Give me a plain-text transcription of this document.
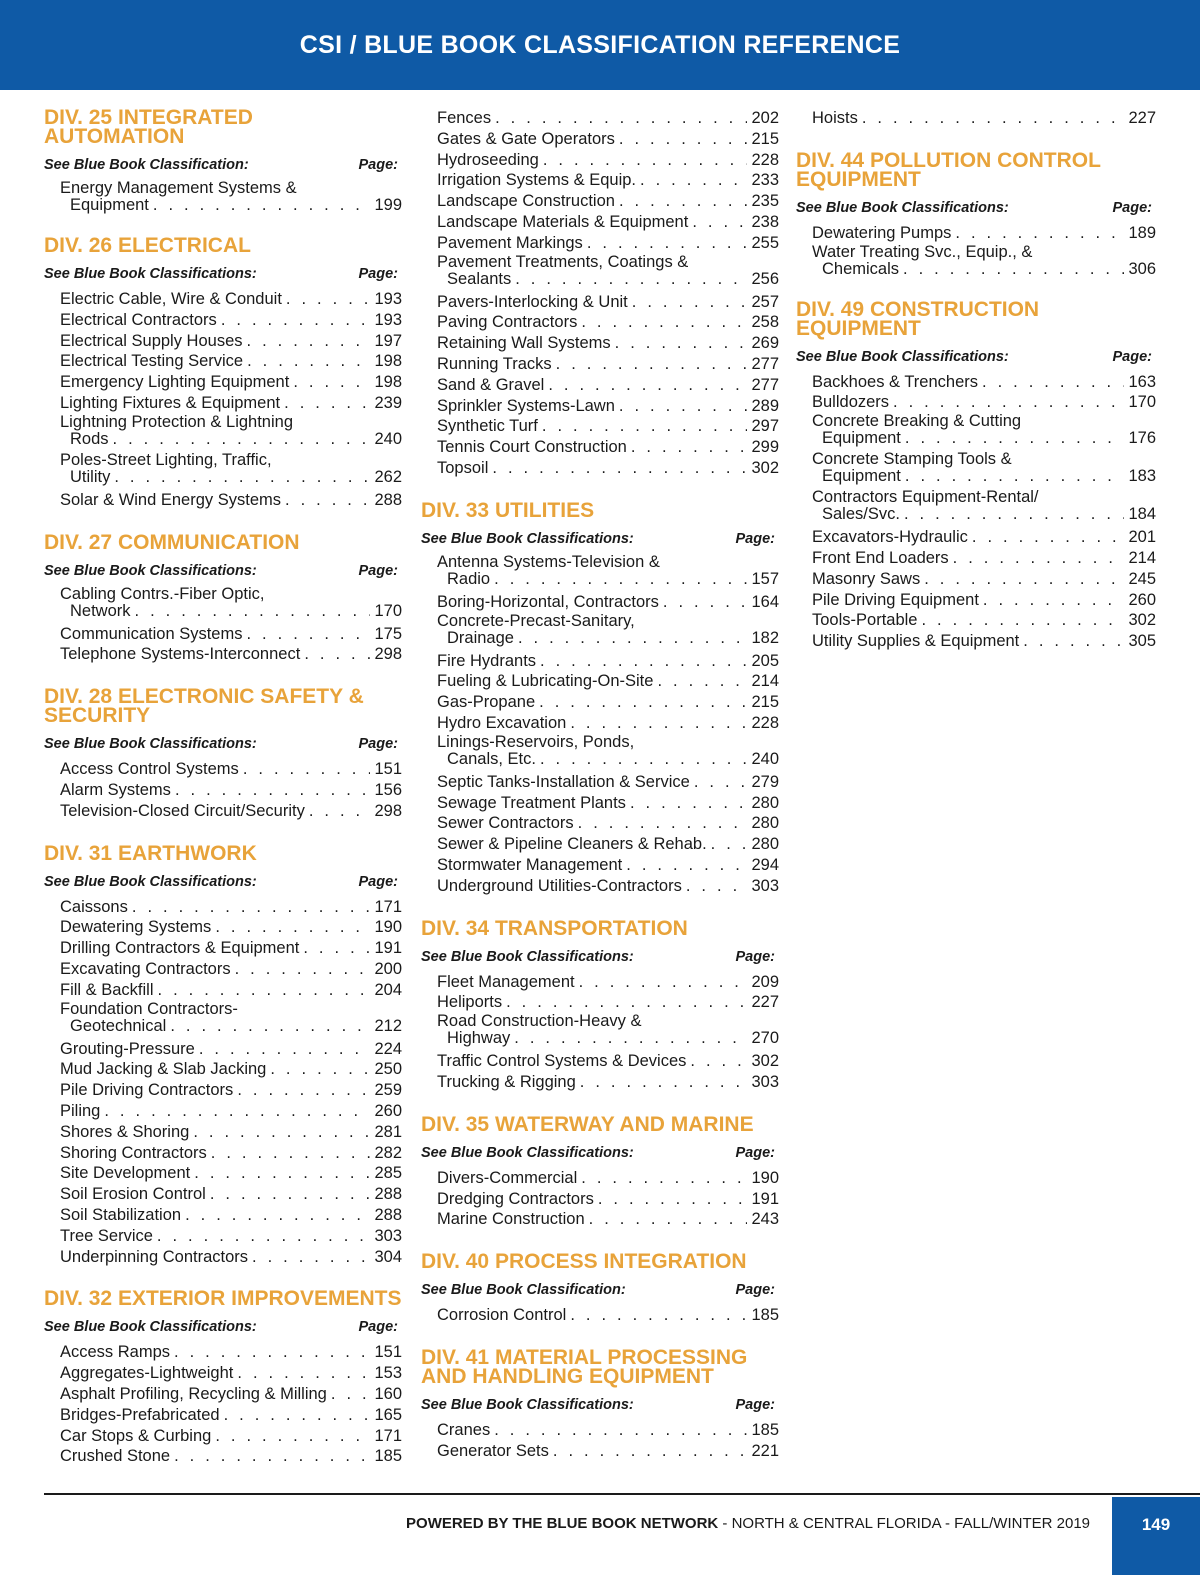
CSI / BLUE BOOK CLASSIFICATION REFERENCE
DIV. 25 INTEGRATED
AUTOMATION
See Blue Book Classification:	Page:
Energy Management Systems &
Equipment . . .	199
DIV. 26 ELECTRICAL
See Blue Book Classifications:	Page:
Electric Cable, Wire & Conduit . . .	193
Electrical Contractors . . .	193
Electrical Supply Houses . . .	197
Electrical Testing Service . . .	198
Emergency Lighting Equipment . . .	198
Lighting Fixtures & Equipment . . .	239
Lightning Protection & Lightning
Rods . . .	240
Poles-Street Lighting, Traffic,
Utility . . .	262
Solar & Wind Energy Systems . . .	288
DIV. 27 COMMUNICATION
See Blue Book Classifications:	Page:
Cabling Contrs.-Fiber Optic,
Network . . .	170
Communication Systems . . .	175
Telephone Systems-Interconnect . . .	298
DIV. 28 ELECTRONIC SAFETY &
SECURITY
See Blue Book Classifications:	Page:
Access Control Systems . . .	151
Alarm Systems . . .	156
Television-Closed Circuit/Security . . .	298
DIV. 31 EARTHWORK
See Blue Book Classifications:	Page:
Caissons . . .	171
Dewatering Systems . . .	190
Drilling Contractors & Equipment . . .	191
Excavating Contractors . . .	200
Fill & Backfill . . .	204
Foundation Contractors-
Geotechnical . . .	212
Grouting-Pressure . . .	224
Mud Jacking & Slab Jacking . . .	250
Pile Driving Contractors . . .	259
Piling . . .	260
Shores & Shoring . . .	281
Shoring Contractors . . .	282
Site Development . . .	285
Soil Erosion Control . . .	288
Soil Stabilization . . .	288
Tree Service . . .	303
Underpinning Contractors . . .	304
DIV. 32 EXTERIOR IMPROVEMENTS
See Blue Book Classifications:	Page:
Access Ramps . . .	151
Aggregates-Lightweight . . .	153
Asphalt Profiling, Recycling & Milling . . .	160
Bridges-Prefabricated . . .	165
Car Stops & Curbing . . .	171
Crushed Stone . . .	185
Fences . . .	202
Gates & Gate Operators . . .	215
Hydroseeding . . .	228
Irrigation Systems & Equip. . . .	233
Landscape Construction . . .	235
Landscape Materials & Equipment . . .	238
Pavement Markings . . .	255
Pavement Treatments, Coatings &
Sealants . . .	256
Pavers-Interlocking & Unit . . .	257
Paving Contractors . . .	258
Retaining Wall Systems . . .	269
Running Tracks . . .	277
Sand & Gravel . . .	277
Sprinkler Systems-Lawn . . .	289
Synthetic Turf . . .	297
Tennis Court Construction . . .	299
Topsoil . . .	302
DIV. 33 UTILITIES
See Blue Book Classifications:	Page:
Antenna Systems-Television &
Radio . . .	157
Boring-Horizontal, Contractors . . .	164
Concrete-Precast-Sanitary,
Drainage . . .	182
Fire Hydrants . . .	205
Fueling & Lubricating-On-Site . . .	214
Gas-Propane . . .	215
Hydro Excavation . . .	228
Linings-Reservoirs, Ponds,
Canals, Etc. . . .	240
Septic Tanks-Installation & Service . . .	279
Sewage Treatment Plants . . .	280
Sewer Contractors . . .	280
Sewer & Pipeline Cleaners & Rehab. . . .	280
Stormwater Management . . .	294
Underground Utilities-Contractors . . .	303
DIV. 34 TRANSPORTATION
See Blue Book Classifications:	Page:
Fleet Management . . .	209
Heliports . . .	227
Road Construction-Heavy &
Highway . . .	270
Traffic Control Systems & Devices . . .	302
Trucking & Rigging . . .	303
DIV. 35 WATERWAY AND MARINE
See Blue Book Classifications:	Page:
Divers-Commercial . . .	190
Dredging Contractors . . .	191
Marine Construction . . .	243
DIV. 40 PROCESS INTEGRATION
See Blue Book Classification:	Page:
Corrosion Control . . .	185
DIV. 41 MATERIAL PROCESSING
AND HANDLING EQUIPMENT
See Blue Book Classifications:	Page:
Cranes . . .	185
Generator Sets . . .	221
Hoists . . .	227
DIV. 44 POLLUTION CONTROL
EQUIPMENT
See Blue Book Classifications:	Page:
Dewatering Pumps . . .	189
Water Treating Svc., Equip., &
Chemicals . . .	306
DIV. 49 CONSTRUCTION
EQUIPMENT
See Blue Book Classifications:	Page:
Backhoes & Trenchers . . .	163
Bulldozers . . .	170
Concrete Breaking & Cutting
Equipment . . .	176
Concrete Stamping Tools &
Equipment . . .	183
Contractors Equipment-Rental/
Sales/Svc. . . .	184
Excavators-Hydraulic . . .	201
Front End Loaders . . .	214
Masonry Saws . . .	245
Pile Driving Equipment . . .	260
Tools-Portable . . .	302
Utility Supplies & Equipment . . .	305
POWERED BY THE BLUE BOOK NETWORK - NORTH & CENTRAL FLORIDA - FALL/WINTER 2019	149
